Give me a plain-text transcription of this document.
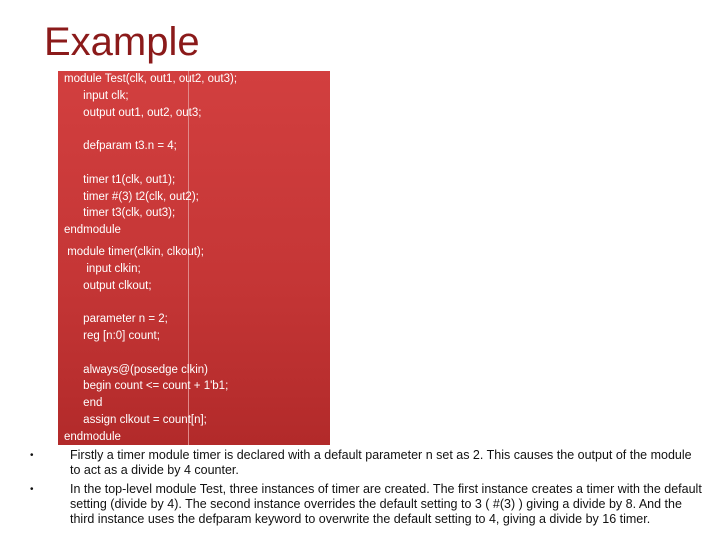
Example
module Test(clk, out1, out2, out3);
input clk;
output out1, out2, out3;

defparam t3.n = 4;

timer t1(clk, out1);
timer #(3) t2(clk, out2);
timer t3(clk, out3);
endmodule
module timer(clkin, clkout);
input clkin;
output clkout;

parameter n = 2;
reg [n:0] count;

always@(posedge clkin)
begin count <= count + 1'b1;
end
assign clkout = count[n];
endmodule
•	Firstly a timer module timer is declared with a default parameter n set as 2. This causes the output of the module to act as a divide by 4 counter.
•	In the top-level module Test, three instances of timer are created. The first instance creates a timer with the default setting (divide by 4). The second instance overrides the default setting to 3 ( #(3) ) giving a divide by 8. And the third instance uses the defparam keyword to overwrite the default setting to 4, giving a divide by 16 timer.
